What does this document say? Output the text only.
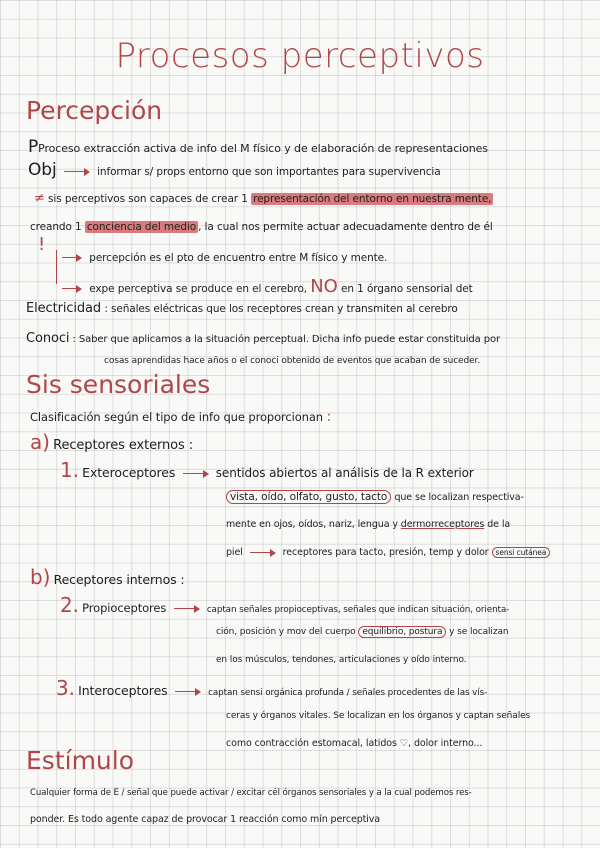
Procesos perceptivos
Percepción
PProceso extracción activa de info del M físico y de elaboración de representaciones
Obj	informar s/ props entorno que son importantes para supervivencia
≠ sis perceptivos son capaces de crear 1 representación del entorno en nuestra mente,
creando 1 conciencia del medio , la cual nos permite actuar adecuadamente dentro de él
!
percepción es el pto de encuentro entre M físico y mente.
expe perceptiva se produce en el cerebro, NO en 1 órgano sensorial det
Electricidad : señales eléctricas que los receptores crean y transmiten al cerebro
Conoci : Saber que aplicamos a la situación perceptual. Dicha info puede estar constituida por
cosas aprendidas hace años o el conoci obtenido de eventos que acaban de suceder.
Sis sensoriales
Clasificación según el tipo de info que proporcionan :
a) Receptores externos :
1. Exteroceptores	sentidos abiertos al análisis de la R exterior
vista, oído, olfato, gusto, tacto que se localizan respectiva-
mente en ojos, oídos, nariz, lengua y dermorreceptores de la
piel	receptores para tacto, presión, temp y dolor sensi cutánea
b) Receptores internos :
2. Propioceptores	captan señales propioceptivas, señales que indican situación, orienta-
ción, posición y mov del cuerpo equilibrio, postura y se localizan
en los músculos, tendones, articulaciones y oído interno.
3. Interoceptores	captan sensi orgánica profunda / señales procedentes de las vís-
ceras y órganos vitales. Se localizan en los órganos y captan señales
como contracción estomacal, latidos ♡, dolor interno...
Estímulo
Cualquier forma de E / señal que puede activar / excitar cél órganos sensoriales y a la cual podemos res-
ponder. Es todo agente capaz de provocar 1 reacción como mín perceptiva
